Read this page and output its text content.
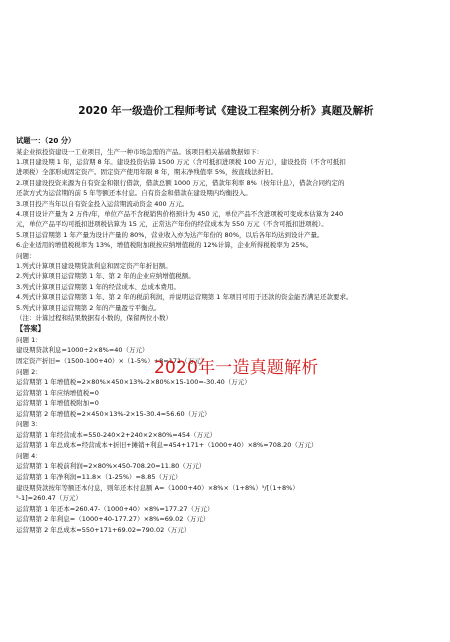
2020 年一级造价工程师考试《建设工程案例分析》真题及解析
试题一：（20 分）
某企业拟投资建设一工业项目，生产一种市场急需的产品。该项目相关基础数据如下：
1.项目建设期 1 年，运营期 8 年。建设投资估算 1500 万元（含可抵扣进项税 100 万元），建设投资（不含可抵扣
进项税）全部形成固定资产。固定资产使用年限 8 年，期末净残值率 5%，按直线法折旧。
2.项目建设投资来源为自有资金和银行借款，借款总额 1000 万元，借款年利率 8%（按年计息），借款合同约定的
还款方式为运营期的前 5 年等额还本付息。自有资金和借款在建设期内均衡投入。
3.项目投产当年以自有资金投入运营期流动资金 400 万元。
4.项目设计产量为 2 万件/年，单位产品不含税销售价格预计为 450 元，单位产品不含进项税可变成本估算为 240
元，单位产品平均可抵扣进项税估算为 15 元，正常达产年份的经营成本为 550 万元（不含可抵扣进项税）。
5.项目运营期第 1 年产量为设计产量的 80%，营业收入亦为达产年份的 80%，以后各年均达到设计产量。
6.企业适用的增值税税率为 13%，增值税附加税按应纳增值税的 12%计算，企业所得税税率为 25%。
问题：
1.列式计算项目建设期贷款利息和固定资产年折旧额。
2.列式计算项目运营期第 1 年、第 2 年的企业应纳增值税额。
3.列式计算项目运营期第 1 年的经营成本、总成本费用。
4.列式计算项目运营期第 1 年、第 2 年的税前利润，并说明运营期第 1 年项目可用于还款的资金能否满足还款要求。
5.列式计算项目运营期第 2 年的产量盈亏平衡点。
（注：计算过程和结果数据有小数的，保留两位小数）
【答案】
问题 1：
建设期贷款利息=1000÷2×8%=40（万元）
固定资产折旧=（1500-100+40）×（1-5%）÷8=171（万元）
问题 2：
运营期第 1 年增值税=2×80%×450×13%-2×80%×15-100=-30.40（万元）
运营期第 1 年应纳增值税=0
运营期第 1 年增值税附加=0
运营期第 2 年增值税=2×450×13%-2×15-30.4=56.60（万元）
问题 3：
运营期第 1 年经营成本=550-240×2+240×2×80%=454（万元）
运营期第 1 年总成本=经营成本+折旧+摊销+利息=454+171+（1000+40）×8%=708.20（万元）
问题 4：
运营期第 1 年税前利润=2×80%×450-708.20=11.80（万元）
运营期第 1 年净利润=11.8×（1-25%）=8.85（万元）
建设期贷款按年等额还本付息，则年还本付息额 A=（1000+40）×8%×（1+8%）⁵/[（1+8%）
⁵-1]=260.47（万元）
运营期第 1 年还本=260.47-（1000+40）×8%=177.27（万元）
运营期第 2 年利息=（1000+40-177.27）×8%=69.02（万元）
运营期第 2 年总成本=550+171+69.02=790.02（万元）
2020年一造真题解析
